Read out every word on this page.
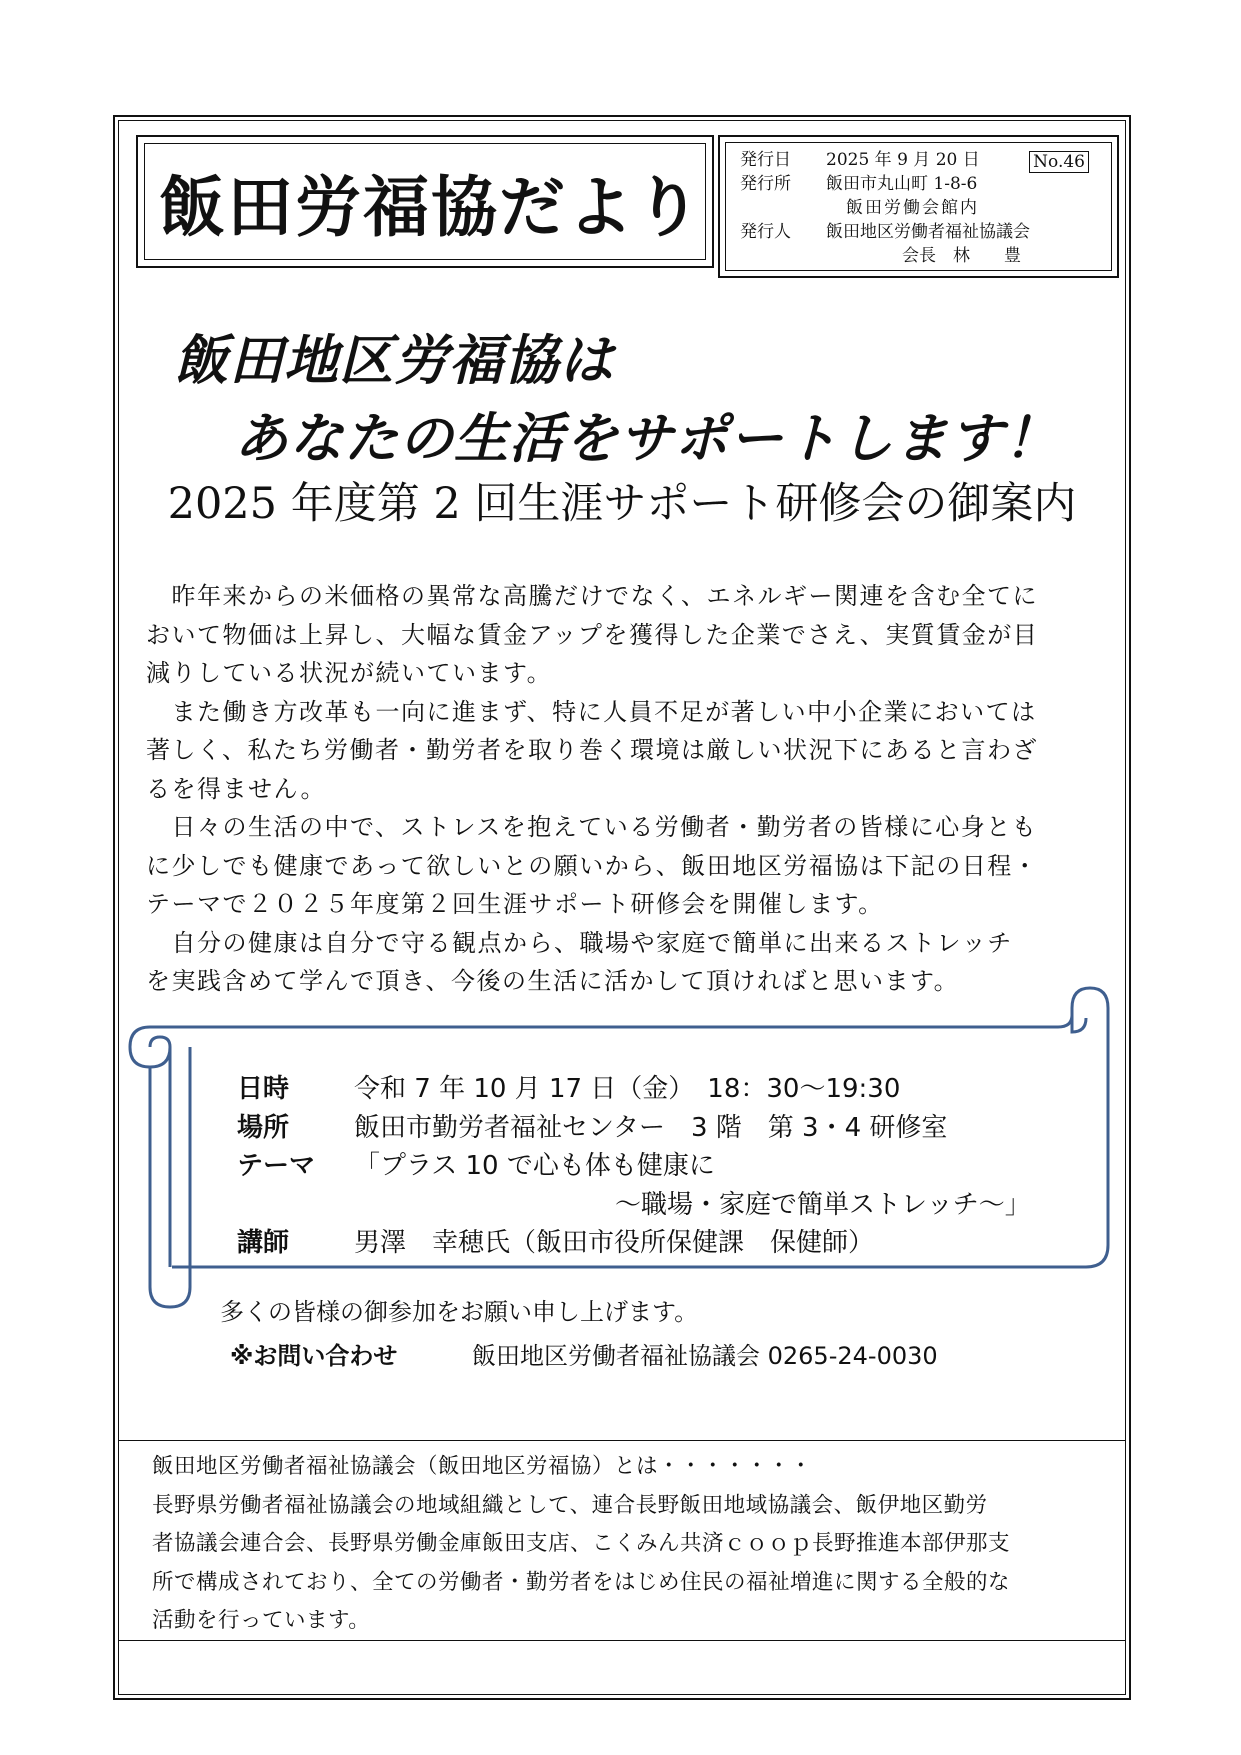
飯田労福協だより
発行日	2025 年 9 月 20 日	No.46
発行所	飯田市丸山町 1-8-6
飯田労働会館内
発行人	飯田地区労働者福祉協議会
会長　林　　豊
飯田地区労福協は
あなたの生活をサポートします！
2025 年度第 2 回生涯サポート研修会の御案内

　昨年来からの米価格の異常な高騰だけでなく、エネルギー関連を含む全てに
おいて物価は上昇し、大幅な賃金アップを獲得した企業でさえ、実質賃金が目
減りしている状況が続いています。

　また働き方改革も一向に進まず、特に人員不足が著しい中小企業においては
著しく、私たち労働者・勤労者を取り巻く環境は厳しい状況下にあると言わざ
るを得ません。

　日々の生活の中で、ストレスを抱えている労働者・勤労者の皆様に心身とも
に少しでも健康であって欲しいとの願いから、飯田地区労福協は下記の日程・
テーマで２０２５年度第２回生涯サポート研修会を開催します。

　自分の健康は自分で守る観点から、職場や家庭で簡単に出来るストレッチ
を実践含めて学んで頂き、今後の生活に活かして頂ければと思います。

日時	令和 7 年 10 月 17 日（金）　18：30～19:30
場所	飯田市勤労者福祉センター　3 階　第 3・4 研修室
テーマ	「プラス 10 で心も体も健康に
～職場・家庭で簡単ストレッチ～」
講師	男澤　幸穂氏（飯田市役所保健課　保健師）
多くの皆様の御参加をお願い申し上げます。
※お問い合わせ	飯田地区労働者福祉協議会 0265-24-0030

飯田地区労働者福祉協議会（飯田地区労福協）とは・・・・・・・

長野県労働者福祉協議会の地域組織として、連合長野飯田地域協議会、飯伊地区勤労

者協議会連合会、長野県労働金庫飯田支店、こくみん共済ｃｏｏｐ長野推進本部伊那支

所で構成されており、全ての労働者・勤労者をはじめ住民の福祉増進に関する全般的な

活動を行っています。
